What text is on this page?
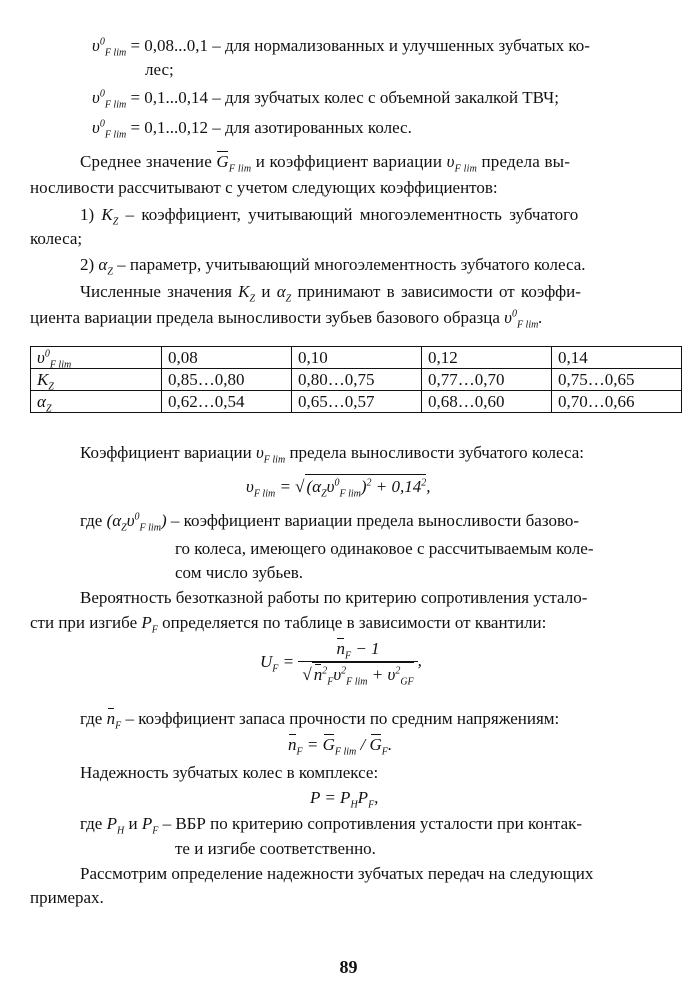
$\upsilon^0_{F lim} = 0,08...0,1$ – для нормализованных и улучшенных зубчатых ко-
лес;
$\upsilon^0_{F lim} = 0,1...0,14$ – для зубчатых колес с объемной закалкой ТВЧ;
$\upsilon^0_{F lim} = 0,1...0,12$ – для азотированных колес.
Среднее значение $G_{F lim}$ и коэффициент вариации $\upsilon_{F lim}$ предела вы-
носливости рассчитывают с учетом следующих коэффициентов:
1) $K_Z$ – коэффициент, учитывающий многоэлементность зубчатого
колеса;
2) $\alpha_Z$ – параметр, учитывающий многоэлементность зубчатого колеса.
Численные значения $K_Z$ и $\alpha_Z$ принимают в зависимости от коэффи-
циента вариации предела выносливости зубьев базового образца $\upsilon^0_{F lim}$.
$\upsilon^0_{F lim}$	0,08	0,10	0,12	0,14
$K_Z$	0,85…0,80	0,80…0,75	0,77…0,70	0,75…0,65
$\alpha_Z$	0,62…0,54	0,65…0,57	0,68…0,60	0,70…0,66
Коэффициент вариации $\upsilon_{F lim}$ предела выносливости зубчатого колеса:
$\upsilon_{F lim}$ = √ $(\alpha_Z\upsilon^0_{F lim})^2 + 0,14^2$,
где $(\alpha_Z\upsilon^0_{F lim})$ – коэффициент вариации предела выносливости базово-
го колеса, имеющего одинаковое с рассчитываемым коле-
сом число зубьев.
Вероятность безотказной работы по критерию сопротивления устало-
сти при изгибе $P_F$ определяется по таблице в зависимости от квантили:
$U_F = \frac{n_F - 1}{√ n^2_F\upsilon^2_{F lim} + \upsilon^2_{GF}}$ ,
где $n_F$ – коэффициент запаса прочности по средним напряжениям:
$n_F = G_{F lim} / G_F$.
Надежность зубчатых колес в комплексе:
$P = P_HP_F$,
где $P_H$ и $P_F$ – ВБР по критерию сопротивления усталости при контак-
те и изгибе соответственно.
Рассмотрим определение надежности зубчатых передач на следующих
примерах.
89
